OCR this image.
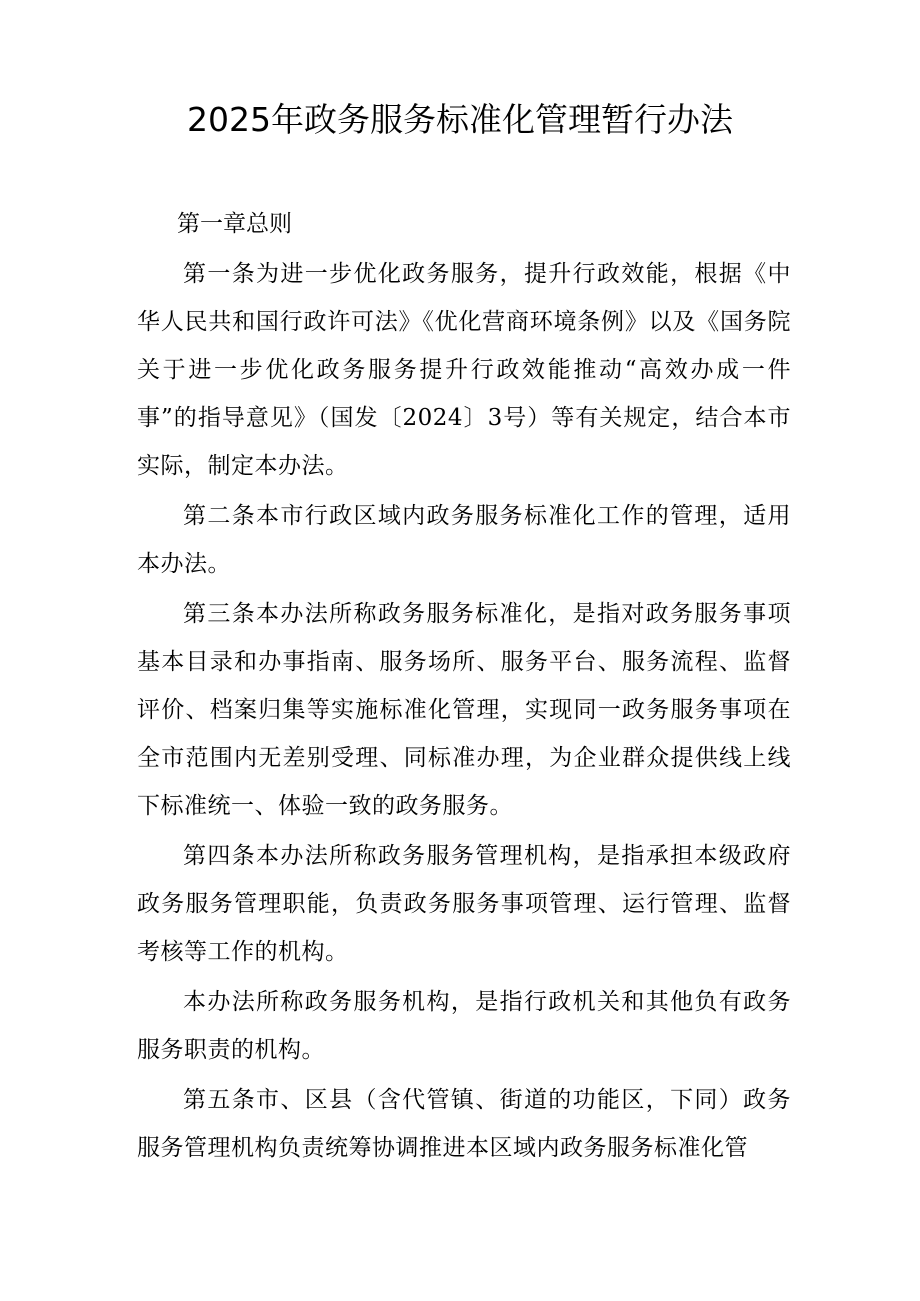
2025年政务服务标准化管理暂行办法

第一章总则

第一条为进一步优化政务服务，提升行政效能，根据《中华人民共和国行政许可法》《优化营商环境条例》以及《国务院关于进一步优化政务服务提升行政效能推动“高效办成一件事”的指导意见》（国发〔2024〕3号）等有关规定，结合本市实际，制定本办法。

第二条本市行政区域内政务服务标准化工作的管理，适用本办法。

第三条本办法所称政务服务标准化，是指对政务服务事项基本目录和办事指南、服务场所、服务平台、服务流程、监督评价、档案归集等实施标准化管理，实现同一政务服务事项在全市范围内无差别受理、同标准办理，为企业群众提供线上线下标准统一、体验一致的政务服务。

第四条本办法所称政务服务管理机构，是指承担本级政府政务服务管理职能，负责政务服务事项管理、运行管理、监督考核等工作的机构。

本办法所称政务服务机构，是指行政机关和其他负有政务服务职责的机构。

第五条市、区县（含代管镇、街道的功能区，下同）政务服务管理机构负责统筹协调推进本区域内政务服务标准化管
